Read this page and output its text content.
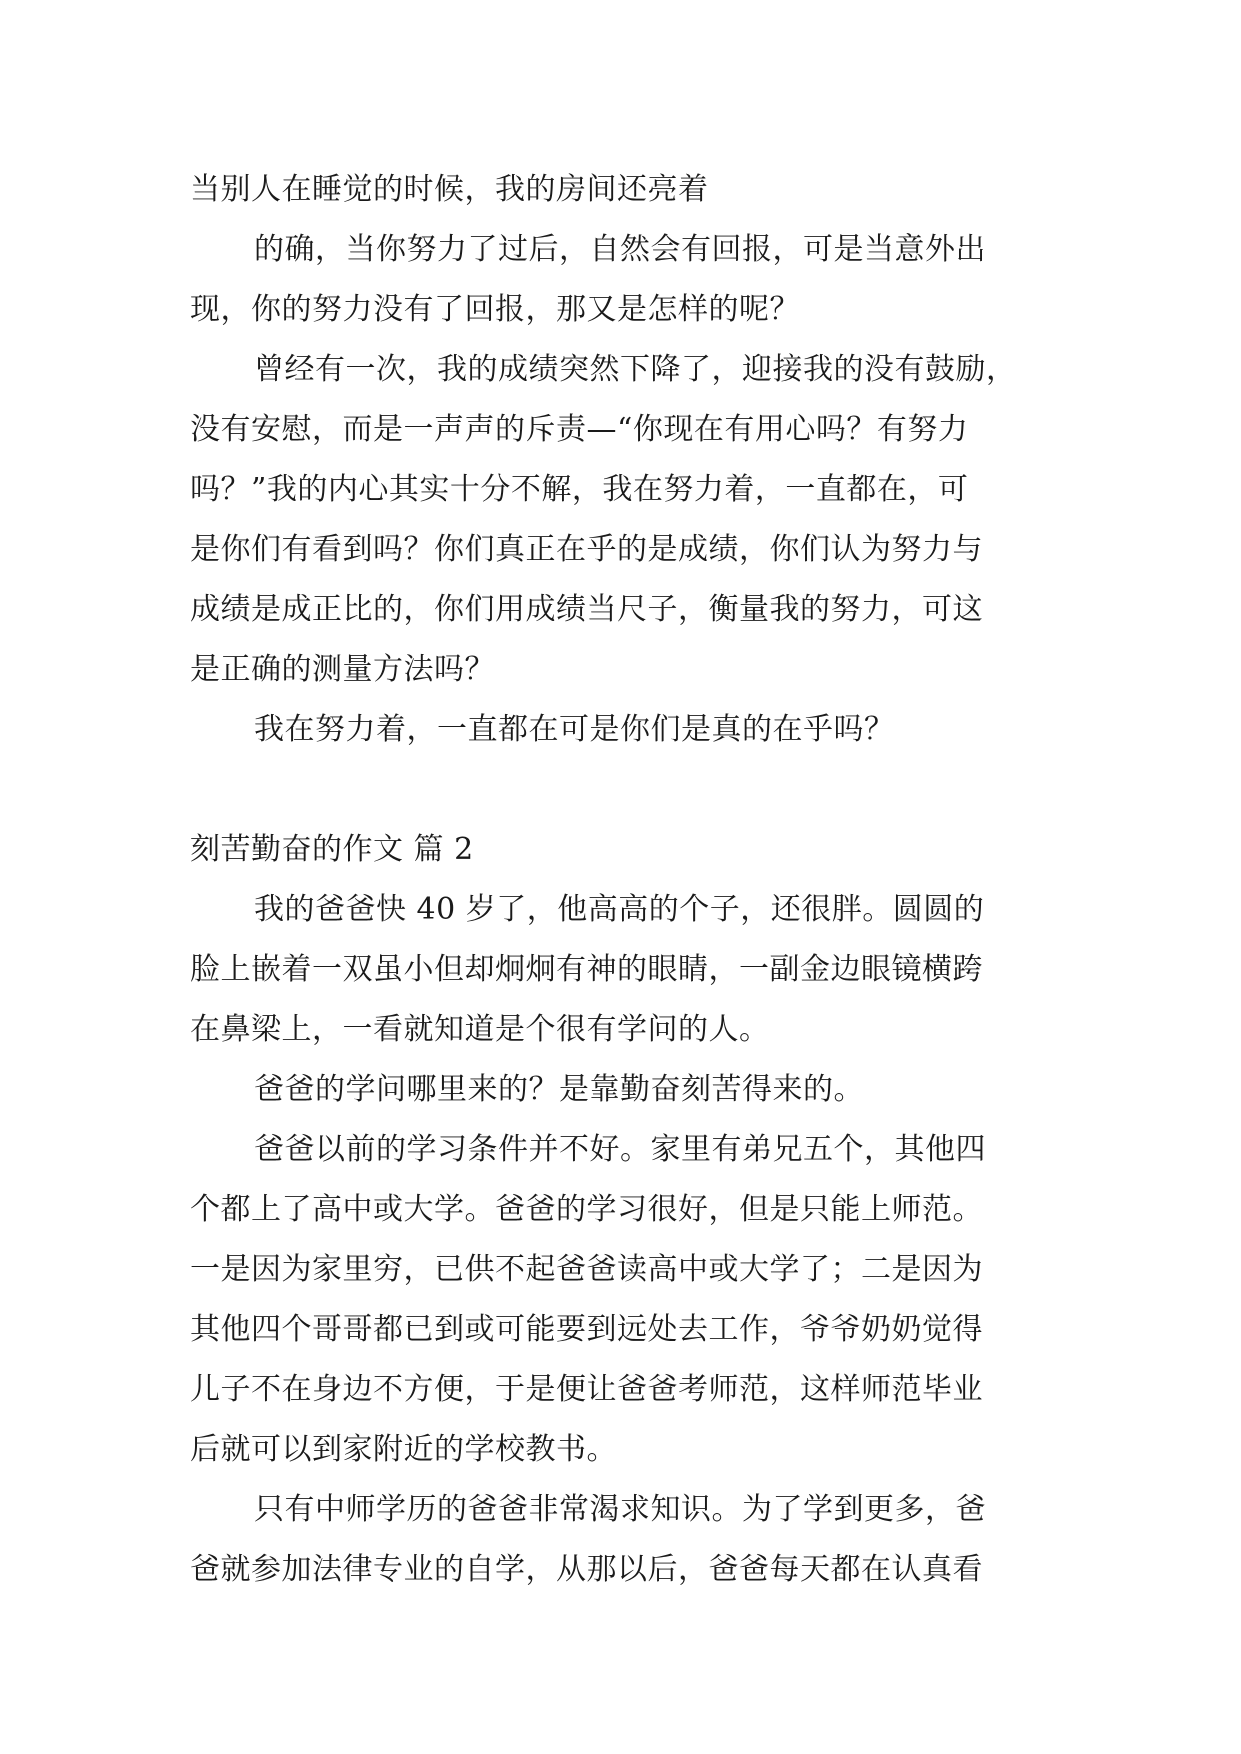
当别人在睡觉的时候，我的房间还亮着
的确，当你努力了过后，自然会有回报，可是当意外出
现，你的努力没有了回报，那又是怎样的呢？
曾经有一次，我的成绩突然下降了，迎接我的没有鼓励，
没有安慰，而是一声声的斥责—“你现在有用心吗？有努力
吗？”我的内心其实十分不解，我在努力着，一直都在，可
是你们有看到吗？你们真正在乎的是成绩，你们认为努力与
成绩是成正比的，你们用成绩当尺子，衡量我的努力，可这
是正确的测量方法吗？
我在努力着，一直都在可是你们是真的在乎吗？
刻苦勤奋的作文 篇 2
我的爸爸快 40 岁了，他高高的个子，还很胖。圆圆的
脸上嵌着一双虽小但却炯炯有神的眼睛，一副金边眼镜横跨
在鼻梁上，一看就知道是个很有学问的人。
爸爸的学问哪里来的？是靠勤奋刻苦得来的。
爸爸以前的学习条件并不好。家里有弟兄五个，其他四
个都上了高中或大学。爸爸的学习很好，但是只能上师范。
一是因为家里穷，已供不起爸爸读高中或大学了；二是因为
其他四个哥哥都已到或可能要到远处去工作，爷爷奶奶觉得
儿子不在身边不方便，于是便让爸爸考师范，这样师范毕业
后就可以到家附近的学校教书。
只有中师学历的爸爸非常渴求知识。为了学到更多，爸
爸就参加法律专业的自学，从那以后，爸爸每天都在认真看
